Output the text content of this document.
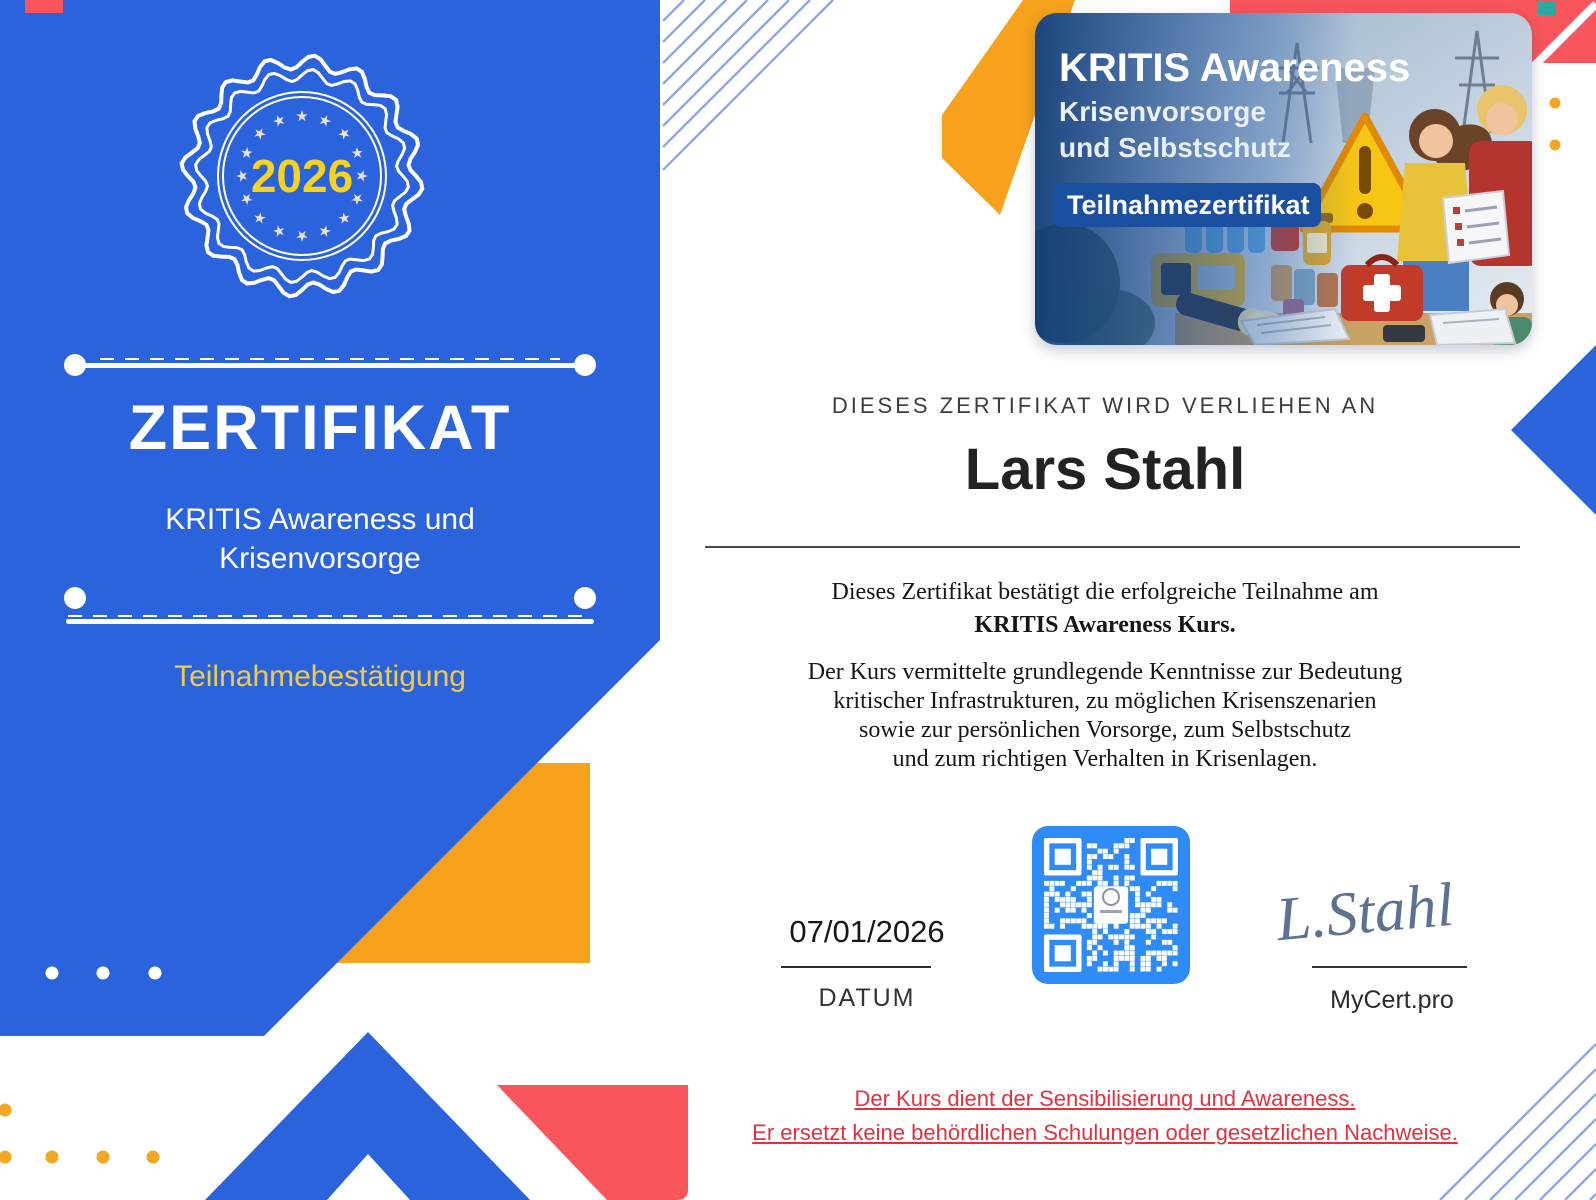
★ ★
★
★
★
★
★
★
★
★
★
★
★
★
★
★
2026
ZERTIFIKAT
KRITIS Awareness und
Krisenvorsorge
Teilnahmebestätigung
KRITIS Awareness
Krisenvorsorge
und Selbstschutz
Teilnahmezertifikat
DIESES ZERTIFIKAT WIRD VERLIEHEN AN
Lars Stahl
Dieses Zertifikat bestätigt die erfolgreiche Teilnahme am
KRITIS Awareness Kurs.
Der Kurs vermittelte grundlegende Kenntnisse zur Bedeutung
kritischer Infrastrukturen, zu möglichen Krisenszenarien
sowie zur persönlichen Vorsorge, zum Selbstschutz
und zum richtigen Verhalten in Krisenlagen.
07/01/2026
DATUM
L.Stahl
MyCert.pro
Der Kurs dient der Sensibilisierung und Awareness.
Er ersetzt keine behördlichen Schulungen oder gesetzlichen Nachweise.
